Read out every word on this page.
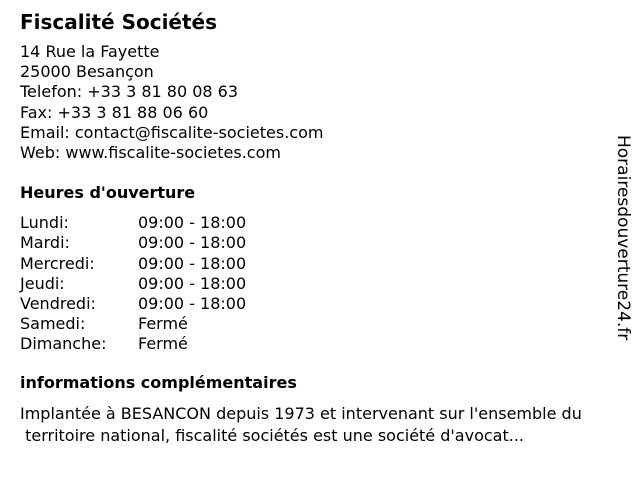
Fiscalité Sociétés
14 Rue la Fayette
25000 Besançon
Telefon: +33 3 81 80 08 63
Fax: +33 3 81 88 06 60
Email: contact@fiscalite-societes.com
Web: www.fiscalite-societes.com
Heures d'ouverture
Lundi:	09:00 - 18:00
Mardi:	09:00 - 18:00
Mercredi:	09:00 - 18:00
Jeudi:	09:00 - 18:00
Vendredi:	09:00 - 18:00
Samedi:	Fermé
Dimanche:	Fermé
informations complémentaires
Implantée à BESANCON depuis 1973 et intervenant sur l'ensemble du
territoire national, fiscalité sociétés est une société d'avocat...
Horairesdouverture24.fr
